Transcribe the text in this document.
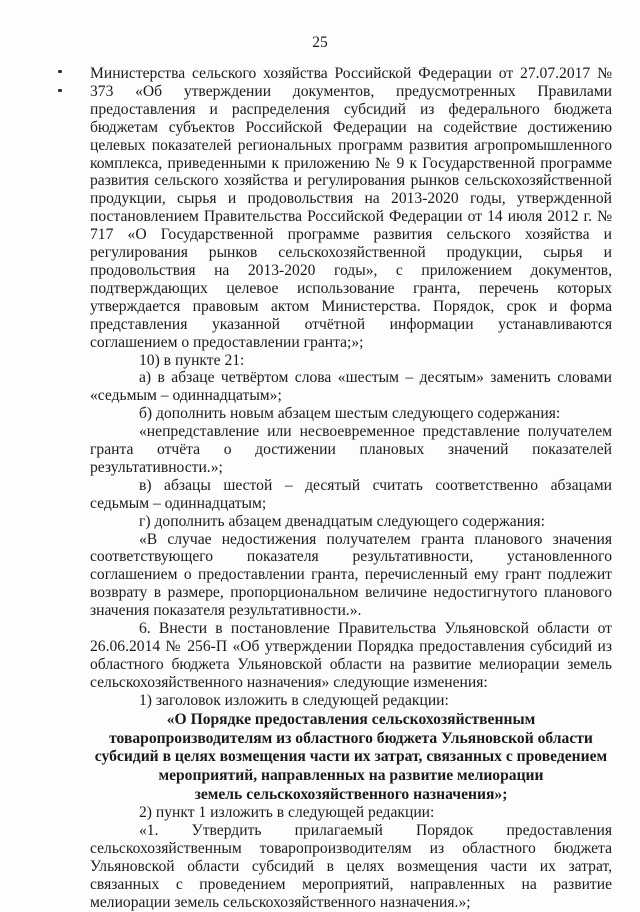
25

Министерства сельского хозяйства Российской Федерации от 27.07.2017 № 373 «Об утверждении документов, предусмотренных Правилами предоставления и распределения субсидий из федерального бюджета бюджетам субъектов Российской Федерации на содействие достижению целевых показателей региональных программ развития агропромышленного комплекса, приведенными к приложению № 9 к Государственной программе развития сельского хозяйства и регулирования рынков сельскохозяйственной продукции, сырья и продовольствия на 2013-2020 годы, утвержденной постановлением Правительства Российской Федерации от 14 июля 2012 г. № 717 «О Государственной программе развития сельского хозяйства и регулирования рынков сельскохозяйственной продукции, сырья и продовольствия на 2013-2020 годы», с приложением документов, подтверждающих целевое использование гранта, перечень которых утверждается правовым актом Министерства. Порядок, срок и форма представления указанной отчётной информации устанавливаются соглашением о предоставлении гранта;»;

10) в пункте 21:

а) в абзаце четвёртом слова «шестым – десятым» заменить словами «седьмым – одиннадцатым»;

б) дополнить новым абзацем шестым следующего содержания:

«непредставление или несвоевременное представление получателем гранта отчёта о достижении плановых значений показателей результативности.»;

в) абзацы шестой – десятый считать соответственно абзацами седьмым – одиннадцатым;

г) дополнить абзацем двенадцатым следующего содержания:

«В случае недостижения получателем гранта планового значения соответствующего показателя результативности, установленного соглашением о предоставлении гранта, перечисленный ему грант подлежит возврату в размере, пропорциональном величине недостигнутого планового значения показателя результативности.».

6. Внести в постановление Правительства Ульяновской области от 26.06.2014 № 256-П «Об утверждении Порядка предоставления субсидий из областного бюджета Ульяновской области на развитие мелиорации земель сельскохозяйственного назначения» следующие изменения:

1) заголовок изложить в следующей редакции:

«О Порядке предоставления сельскохозяйственным

товаропроизводителям из областного бюджета Ульяновской области

субсидий в целях возмещения части их затрат, связанных с проведением

мероприятий, направленных на развитие мелиорации

земель сельскохозяйственного назначения»;

2) пункт 1 изложить в следующей редакции:

«1. Утвердить прилагаемый Порядок предоставления сельскохозяйственным товаропроизводителям из областного бюджета Ульяновской области субсидий в целях возмещения части их затрат, связанных с проведением мероприятий, направленных на развитие мелиорации земель сельскохозяйственного назначения.»;
